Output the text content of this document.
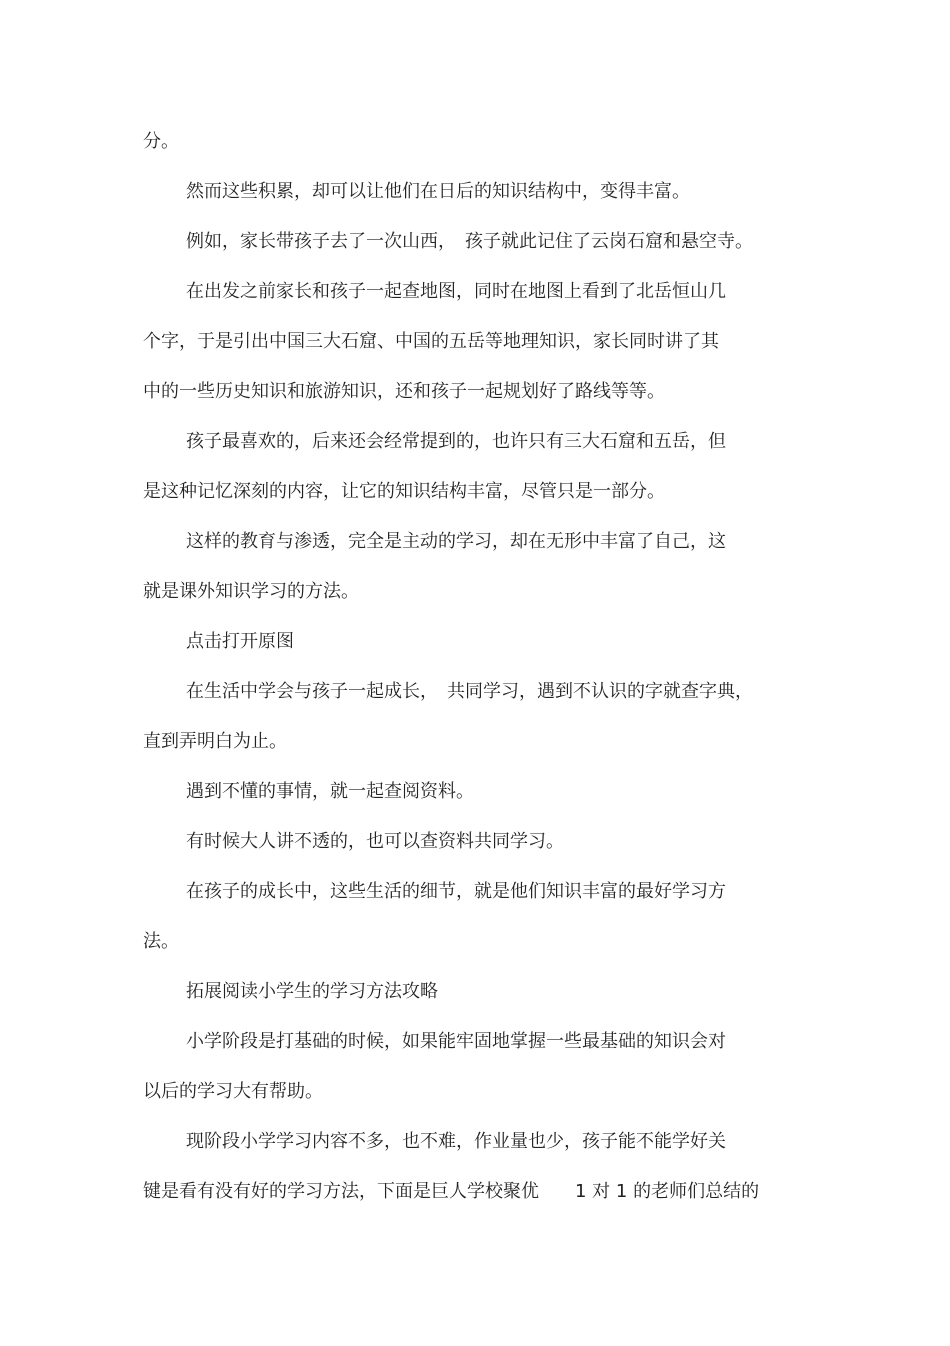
分。
然而这些积累，却可以让他们在日后的知识结构中，变得丰富。
例如，家长带孩子去了一次山西，　孩子就此记住了云岗石窟和悬空寺。
在出发之前家长和孩子一起查地图，同时在地图上看到了北岳恒山几
个字，于是引出中国三大石窟、中国的五岳等地理知识，家长同时讲了其
中的一些历史知识和旅游知识，还和孩子一起规划好了路线等等。
孩子最喜欢的，后来还会经常提到的，也许只有三大石窟和五岳，但
是这种记忆深刻的内容，让它的知识结构丰富，尽管只是一部分。
这样的教育与渗透，完全是主动的学习，却在无形中丰富了自己，这
就是课外知识学习的方法。
点击打开原图
在生活中学会与孩子一起成长，　共同学习，遇到不认识的字就查字典，
直到弄明白为止。
遇到不懂的事情，就一起查阅资料。
有时候大人讲不透的，也可以查资料共同学习。
在孩子的成长中，这些生活的细节，就是他们知识丰富的最好学习方
法。
拓展阅读小学生的学习方法攻略
小学阶段是打基础的时候，如果能牢固地掌握一些最基础的知识会对
以后的学习大有帮助。
现阶段小学学习内容不多，也不难，作业量也少，孩子能不能学好关
键是看有没有好的学习方法，下面是巨人学校聚优　　1 对 1 的老师们总结的
